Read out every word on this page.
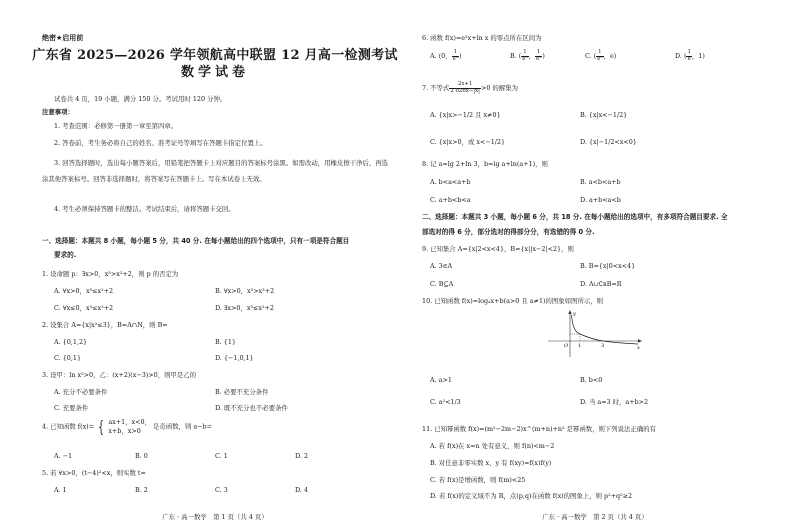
绝密★启用前
广东省 2025—2026 学年领航高中联盟 12 月高一检测考试
数学试卷
试卷共 4 页，19 小题，满分 150 分。考试用时 120 分钟。
注意事项：
1. 考查范围：必修第一册第一章至第四章。
2. 答卷前，考生务必将自己的姓名、准考证号等填写在答题卡指定位置上。
3. 回答选择题时，选出每小题答案后，用铅笔把答题卡上对应题目的答案标号涂黑。如需改动，用橡皮擦干净后，再选涂其他答案标号。回答非选择题时，将答案写在答题卡上。写在本试卷上无效。
4. 考生必须保持答题卡的整洁。考试结束后，请将答题卡交回。
一、选择题：本题共 8 小题，每小题 5 分，共 40 分. 在每小题给出的四个选项中，只有一项是符合题目
要求的.
1. 设命题 p：∃x>0，x³>x²+2，则 p 的否定为
A. ∀x>0，x³≤x²+2	B. ∀x>0，x³>x²+2
C. ∀x≤0，x³≤x²+2	D. ∃x>0，x³≤x²+2
2. 设集合 A={x|x²≤3}，B=A∩N，则 B=
A. {0,1,2}	B. {1}
C. {0,1}	D. {−1,0,1}
3. 设甲：ln x²>0，乙：(x+2)(x−3)>0，则甲是乙的
A. 充分不必要条件	B. 必要不充分条件
C. 充要条件	D. 既不充分也不必要条件
4. 已知函数 f(x)= { ax+1，x<0，
x+b，x>0	是奇函数，则 a−b=
A. −1	B. 0	C. 1	D. 2
5. 若 ∀x>0，(t−4)²<x，则实数 t=
A. 1	B. 2	C. 3	D. 4
广东 · 高一数学　第 1 页（共 4 页）
6. 函数 f(x)=e²x+ln x 的零点所在区间为
A. (0， $\frac{1}{\text{e³}}$ )	B. ( $\frac{1}{\text{e³}}$ ， $\frac{1}{\text{e²}}$ )	C. ( $\frac{1}{\text{e²}}$ ，e)	D. ( $\frac{1}{e}$ ，1)
7. 不等式 $\frac{2x+1}{2 026x-|x|} >0$ 的解集为
A. {x|x>−1/2 且 x≠0}	B. {x|x<−1/2}
C. {x|x>0，或 x<−1/2}	D. {x|−1/2<x<0}
8. 记 a=lg 2+ln 3，b=lg a+ln(a+1)，则
A. b<a<a+b	B. a<b<a+b
C. a+b<b<a	D. a+b<a<b
二、选择题：本题共 3 小题，每小题 6 分，共 18 分. 在每小题给出的选项中，有多项符合题目要求. 全
部选对的得 6 分，部分选对的得部分分，有选错的得 0 分.
9. 已知集合 A={x|2<x<4}，B={x||x−2|<2}，则
A. 3∈A	B. B={x|0<x<4}
C. B⊆A	D. A∪∁ʀB=R
10. 已知函数 f(x)=logₐx+b(a>0 且 a≠1)的图象如图所示，则
y
x
O 1	3
A. a>1	B. b<0
C. a²<1/3	D. 当 a=3 时，a+b>2
11. 已知幂函数 f(x)=(m²−2m−2)x^(m+n)+n² 是幂函数，则下列说法正确的有
A. 若 f(x)在 x=n 处有意义，则 f(n)<m−2
B. 对任意非零实数 x，y 有 f(xy)=f(x)f(y)
C. 若 f(x)是增函数，则 f(m)<25
D. 若 f(x)的定义域不为 R，点(p,q)在函数 f(x)的图象上，则 p²+q²≥2
广东 · 高一数学　第 2 页（共 4 页）
